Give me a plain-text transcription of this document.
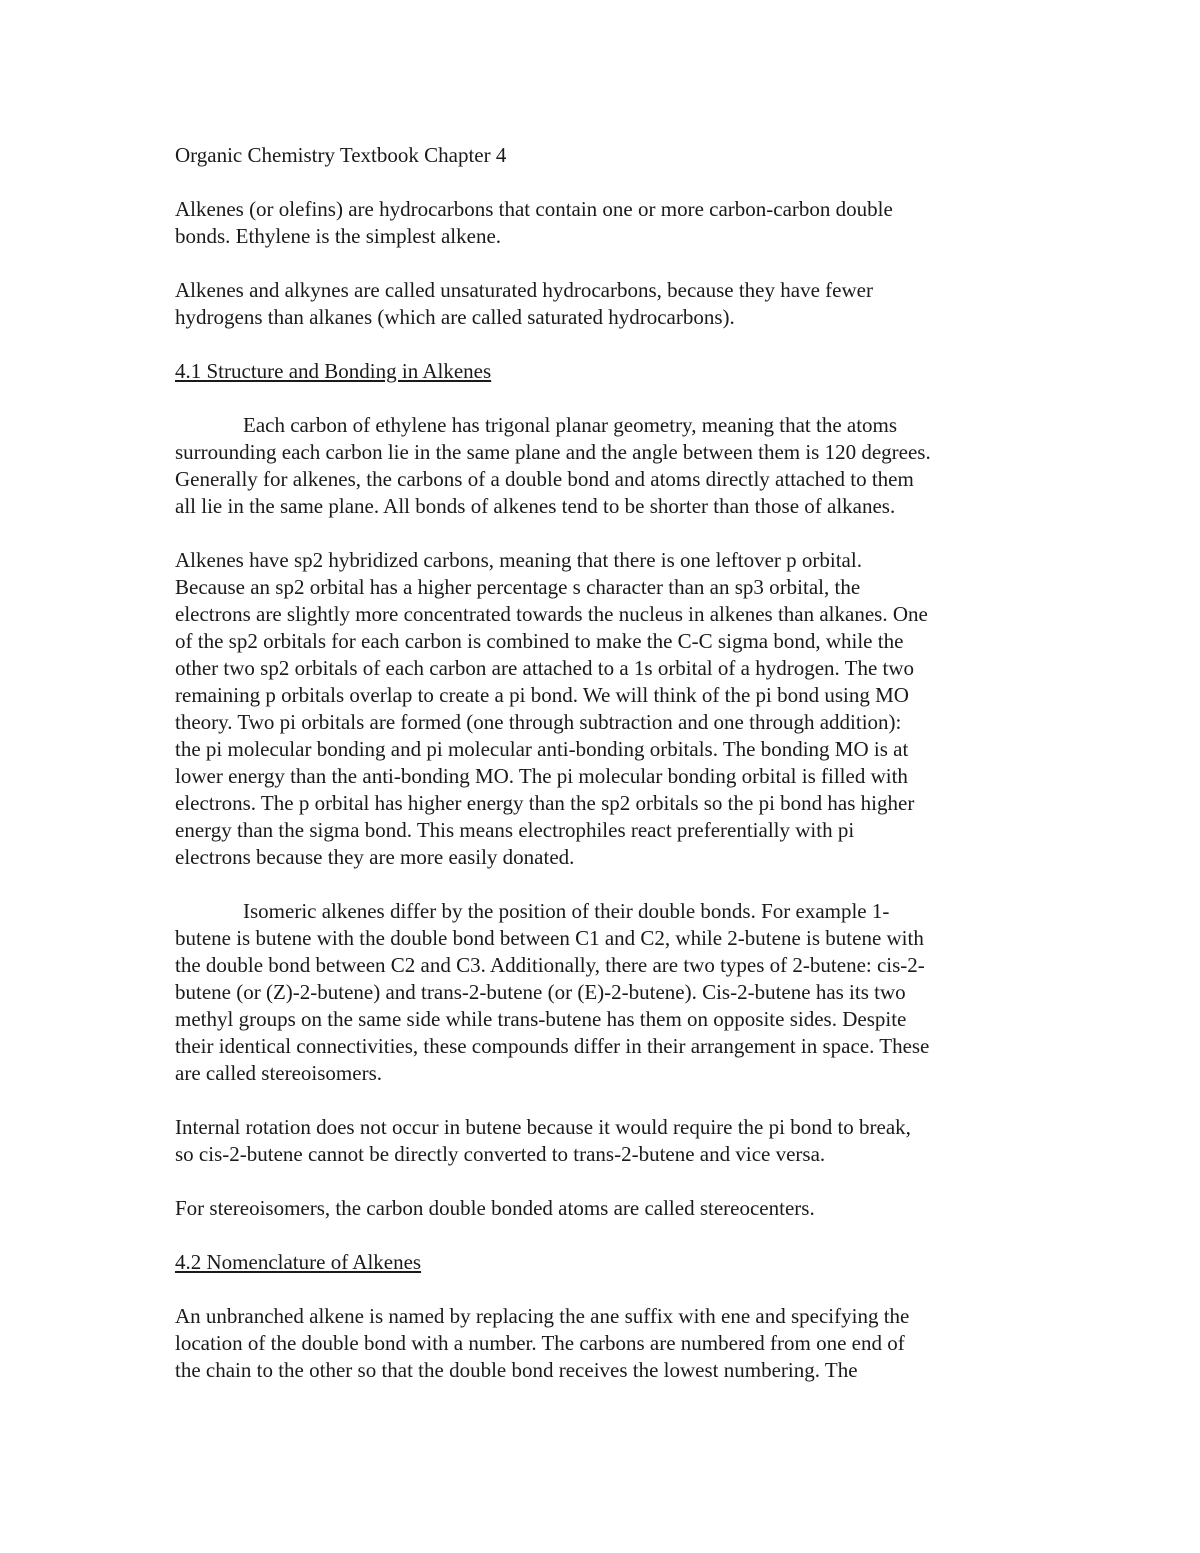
Organic Chemistry Textbook Chapter 4

Alkenes (or olefins) are hydrocarbons that contain one or more carbon-carbon double
bonds. Ethylene is the simplest alkene.

Alkenes and alkynes are called unsaturated hydrocarbons, because they have fewer
hydrogens than alkanes (which are called saturated hydrocarbons).

4.1 Structure and Bonding in Alkenes

Each carbon of ethylene has trigonal planar geometry, meaning that the atoms
surrounding each carbon lie in the same plane and the angle between them is 120 degrees.
Generally for alkenes, the carbons of a double bond and atoms directly attached to them
all lie in the same plane. All bonds of alkenes tend to be shorter than those of alkanes.

Alkenes have sp2 hybridized carbons, meaning that there is one leftover p orbital.
Because an sp2 orbital has a higher percentage s character than an sp3 orbital, the
electrons are slightly more concentrated towards the nucleus in alkenes than alkanes. One
of the sp2 orbitals for each carbon is combined to make the C-C sigma bond, while the
other two sp2 orbitals of each carbon are attached to a 1s orbital of a hydrogen. The two
remaining p orbitals overlap to create a pi bond. We will think of the pi bond using MO
theory. Two pi orbitals are formed (one through subtraction and one through addition):
the pi molecular bonding and pi molecular anti-bonding orbitals. The bonding MO is at
lower energy than the anti-bonding MO. The pi molecular bonding orbital is filled with
electrons. The p orbital has higher energy than the sp2 orbitals so the pi bond has higher
energy than the sigma bond. This means electrophiles react preferentially with pi
electrons because they are more easily donated.

Isomeric alkenes differ by the position of their double bonds. For example 1-
butene is butene with the double bond between C1 and C2, while 2-butene is butene with
the double bond between C2 and C3. Additionally, there are two types of 2-butene: cis-2-
butene (or (Z)-2-butene) and trans-2-butene (or (E)-2-butene). Cis-2-butene has its two
methyl groups on the same side while trans-butene has them on opposite sides. Despite
their identical connectivities, these compounds differ in their arrangement in space. These
are called stereoisomers.

Internal rotation does not occur in butene because it would require the pi bond to break,
so cis-2-butene cannot be directly converted to trans-2-butene and vice versa.

For stereoisomers, the carbon double bonded atoms are called stereocenters.

4.2 Nomenclature of Alkenes

An unbranched alkene is named by replacing the ane suffix with ene and specifying the
location of the double bond with a number. The carbons are numbered from one end of
the chain to the other so that the double bond receives the lowest numbering. The
